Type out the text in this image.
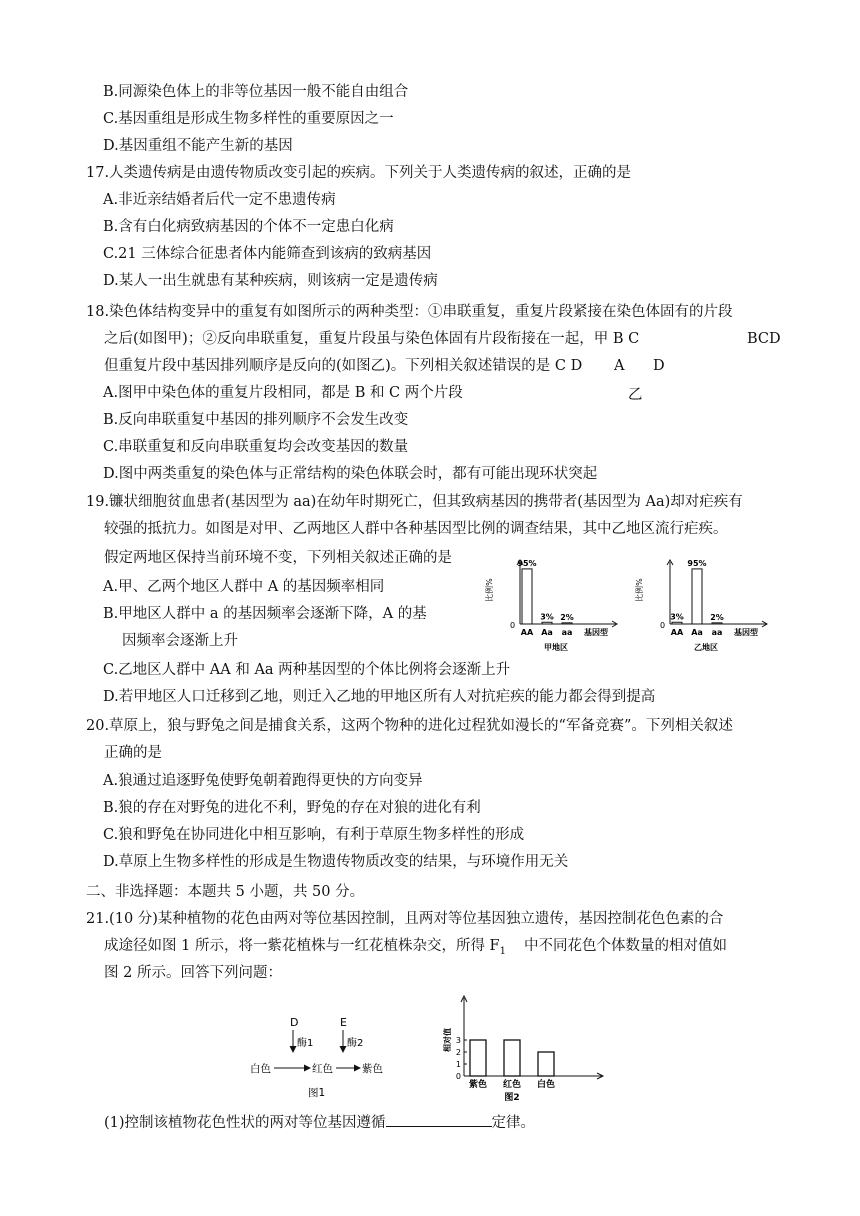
B.同源染色体上的非等位基因一般不能自由组合
C.基因重组是形成生物多样性的重要原因之一
D.基因重组不能产生新的基因
17.人类遗传病是由遗传物质改变引起的疾病。下列关于人类遗传病的叙述，正确的是
A.非近亲结婚者后代一定不患遗传病
B.含有白化病致病基因的个体不一定患白化病
C.21 三体综合征患者体内能筛查到该病的致病基因
D.某人一出生就患有某种疾病，则该病一定是遗传病
18.染色体结构变异中的重复有如图所示的两种类型：①串联重复，重复片段紧接在染色体固有的片段
之后(如图甲)；②反向串联重复，重复片段虽与染色体固有片段衔接在一起，甲 B C	BCD
但重复片段中基因排列顺序是反向的(如图乙)。下列相关叙述错误的是 C D A D
A.图甲中染色体的重复片段相同，都是 B 和 C 两个片段	乙
B.反向串联重复中基因的排列顺序不会发生改变
C.串联重复和反向串联重复均会改变基因的数量
D.图中两类重复的染色体与正常结构的染色体联会时，都有可能出现环状突起
19.镰状细胞贫血患者(基因型为 aa)在幼年时期死亡，但其致病基因的携带者(基因型为 Aa)却对疟疾有
较强的抵抗力。如图是对甲、乙两地区人群中各种基因型比例的调查结果，其中乙地区流行疟疾。
假定两地区保持当前环境不变，下列相关叙述正确的是
A.甲、乙两个地区人群中 A 的基因频率相同
B.甲地区人群中 a 的基因频率会逐渐下降，A 的基
因频率会逐渐上升
C.乙地区人群中 AA 和 Aa 两种基因型的个体比例将会逐渐上升
D.若甲地区人口迁移到乙地，则迁入乙地的甲地区所有人对抗疟疾的能力都会得到提高
0
比例%
95%
AA
3%
Aa
2%
aa 基因型
甲地区
0
比例%
3%
AA
95%
Aa
2%
aa 基因型
乙地区
20.草原上，狼与野兔之间是捕食关系，这两个物种的进化过程犹如漫长的“军备竞赛”。下列相关叙述
正确的是
A.狼通过追逐野兔使野兔朝着跑得更快的方向变异
B.狼的存在对野兔的进化不利，野兔的存在对狼的进化有利
C.狼和野兔在协同进化中相互影响，有利于草原生物多样性的形成
D.草原上生物多样性的形成是生物遗传物质改变的结果，与环境作用无关
二、非选择题：本题共 5 小题，共 50 分。
21.(10 分)某种植物的花色由两对等位基因控制，且两对等位基因独立遗传，基因控制花色色素的合
成途径如图 1 所示，将一紫花植株与一红花植株杂交，所得 $F_1$ 中不同花色个体数量的相对值如
图 2 所示。回答下列问题：
D
酶1
E
酶2
白色	红色	紫色
图1
相对值
0
1
2
3
紫色 红色 白色
图2
(1)控制该植物花色性状的两对等位基因遵循	定律。
